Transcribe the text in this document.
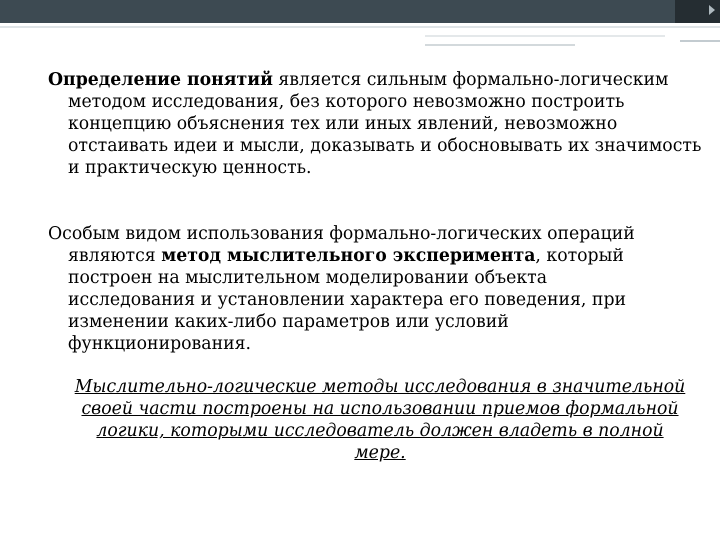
Определение понятий является сильным формально-логическим методом исследования, без которого невозможно построить концепцию объяснения тех или иных явлений, невозможно отстаивать идеи и мысли, доказывать и обосновывать их значимость и практическую ценность.
Особым видом использования формально-логических операций являются метод мыслительного эксперимента, который построен на мыслительном моделировании объекта исследования и установлении характера его поведения, при изменении каких-либо параметров или условий функционирования.
Мыслительно-логические методы исследования в значительной своей части построены на использовании приемов формальной логики, которыми исследователь должен владеть в полной мере.
